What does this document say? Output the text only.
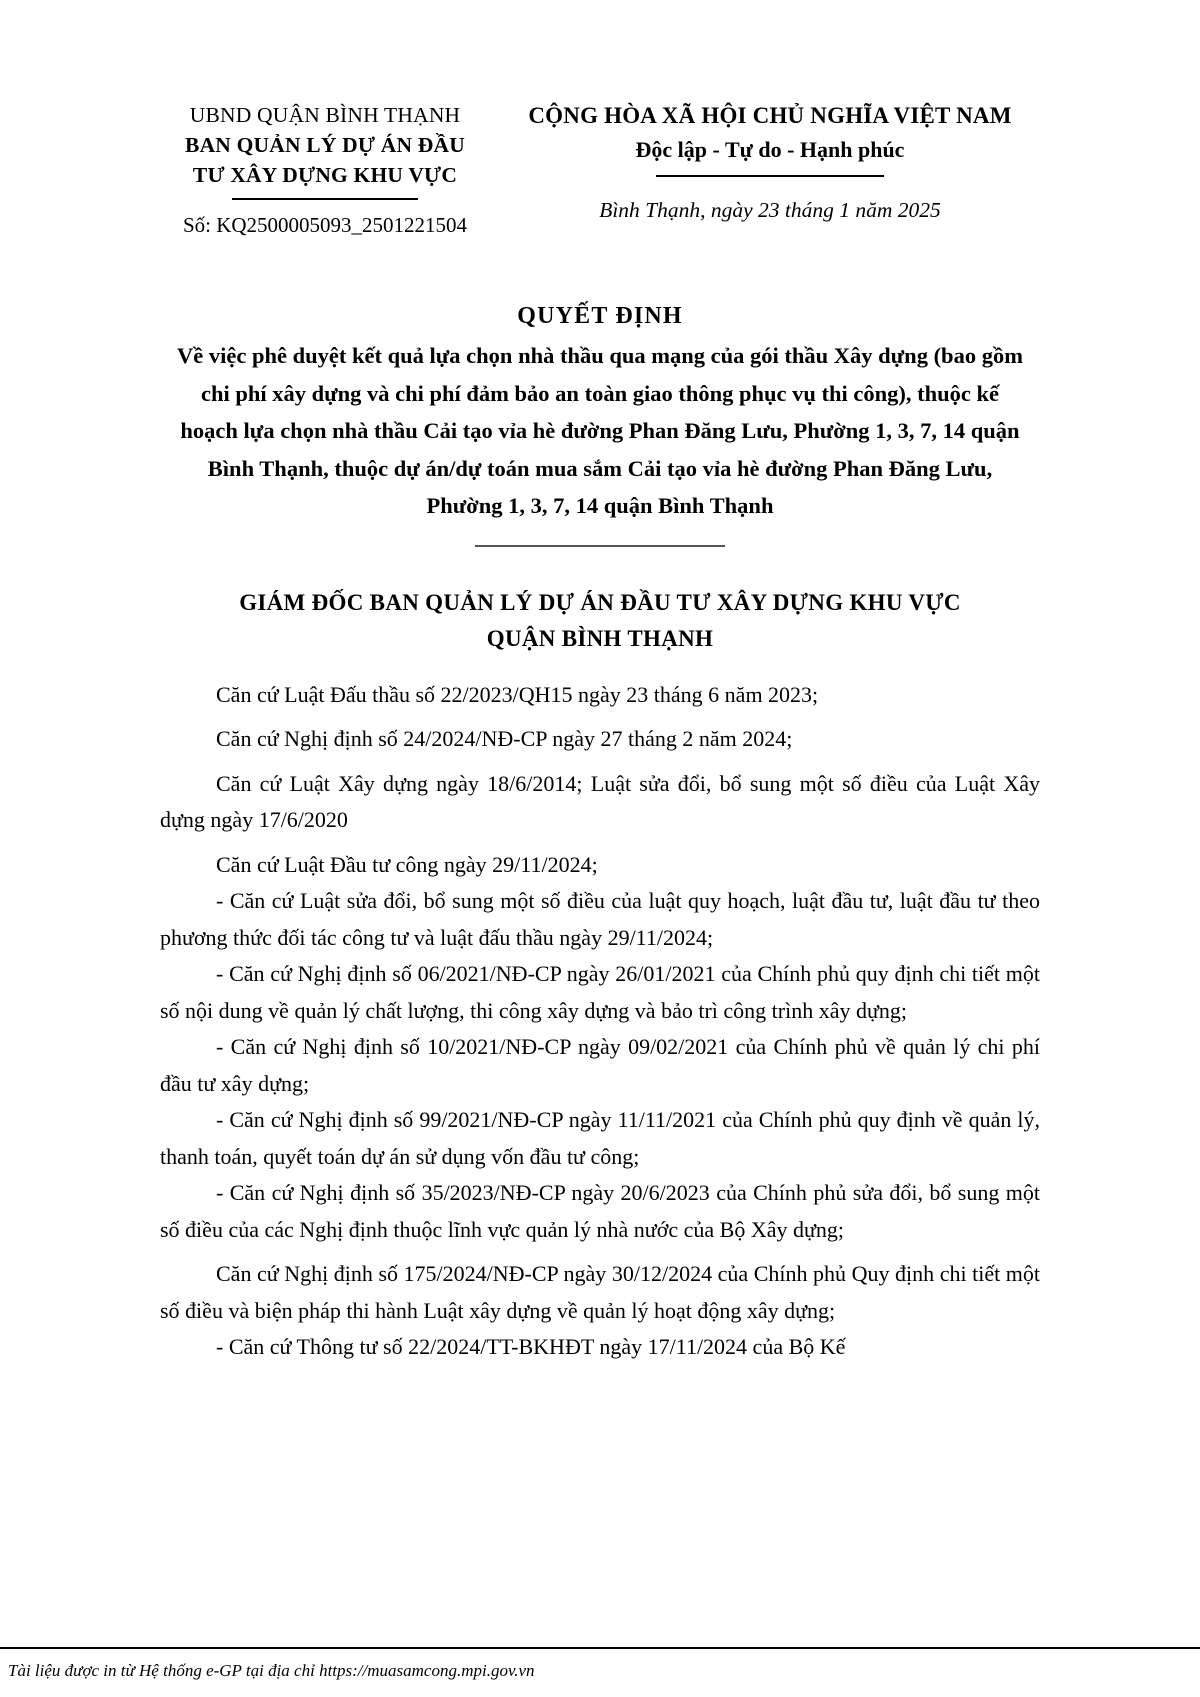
UBND QUẬN BÌNH THẠNH
BAN QUẢN LÝ DỰ ÁN ĐẦU
TƯ XÂY DỰNG KHU VỰC
Số: KQ2500005093_2501221504
CỘNG HÒA XÃ HỘI CHỦ NGHĨA VIỆT NAM
Độc lập - Tự do - Hạnh phúc
Bình Thạnh, ngày 23 tháng 1 năm 2025
QUYẾT ĐỊNH
Về việc phê duyệt kết quả lựa chọn nhà thầu qua mạng của gói thầu Xây dựng (bao gồm chi phí xây dựng và chi phí đảm bảo an toàn giao thông phục vụ thi công), thuộc kế hoạch lựa chọn nhà thầu Cải tạo vỉa hè đường Phan Đăng Lưu, Phường 1, 3, 7, 14 quận Bình Thạnh, thuộc dự án/dự toán mua sắm Cải tạo vỉa hè đường Phan Đăng Lưu, Phường 1, 3, 7, 14 quận Bình Thạnh
GIÁM ĐỐC BAN QUẢN LÝ DỰ ÁN ĐẦU TƯ XÂY DỰNG KHU VỰC
QUẬN BÌNH THẠNH

Căn cứ Luật Đấu thầu số 22/2023/QH15 ngày 23 tháng 6 năm 2023;

Căn cứ Nghị định số 24/2024/NĐ-CP ngày 27 tháng 2 năm 2024;

Căn cứ Luật Xây dựng ngày 18/6/2014; Luật sửa đổi, bổ sung một số điều của Luật Xây dựng ngày 17/6/2020

Căn cứ Luật Đầu tư công ngày 29/11/2024;

- Căn cứ Luật sửa đổi, bổ sung một số điều của luật quy hoạch, luật đầu tư, luật đầu tư theo phương thức đối tác công tư và luật đấu thầu ngày 29/11/2024;

- Căn cứ Nghị định số 06/2021/NĐ-CP ngày 26/01/2021 của Chính phủ quy định chi tiết một số nội dung về quản lý chất lượng, thi công xây dựng và bảo trì công trình xây dựng;

- Căn cứ Nghị định số 10/2021/NĐ-CP ngày 09/02/2021 của Chính phủ về quản lý chi phí đầu tư xây dựng;

- Căn cứ Nghị định số 99/2021/NĐ-CP ngày 11/11/2021 của Chính phủ quy định về quản lý, thanh toán, quyết toán dự án sử dụng vốn đầu tư công;

- Căn cứ Nghị định số 35/2023/NĐ-CP ngày 20/6/2023 của Chính phủ sửa đổi, bổ sung một số điều của các Nghị định thuộc lĩnh vực quản lý nhà nước của Bộ Xây dựng;

Căn cứ Nghị định số 175/2024/NĐ-CP ngày 30/12/2024 của Chính phủ Quy định chi tiết một số điều và biện pháp thi hành Luật xây dựng về quản lý hoạt động xây dựng;

- Căn cứ Thông tư số 22/2024/TT-BKHĐT ngày 17/11/2024 của Bộ Kế

Tài liệu được in từ Hệ thống e-GP tại địa chỉ https://muasamcong.mpi.gov.vn
